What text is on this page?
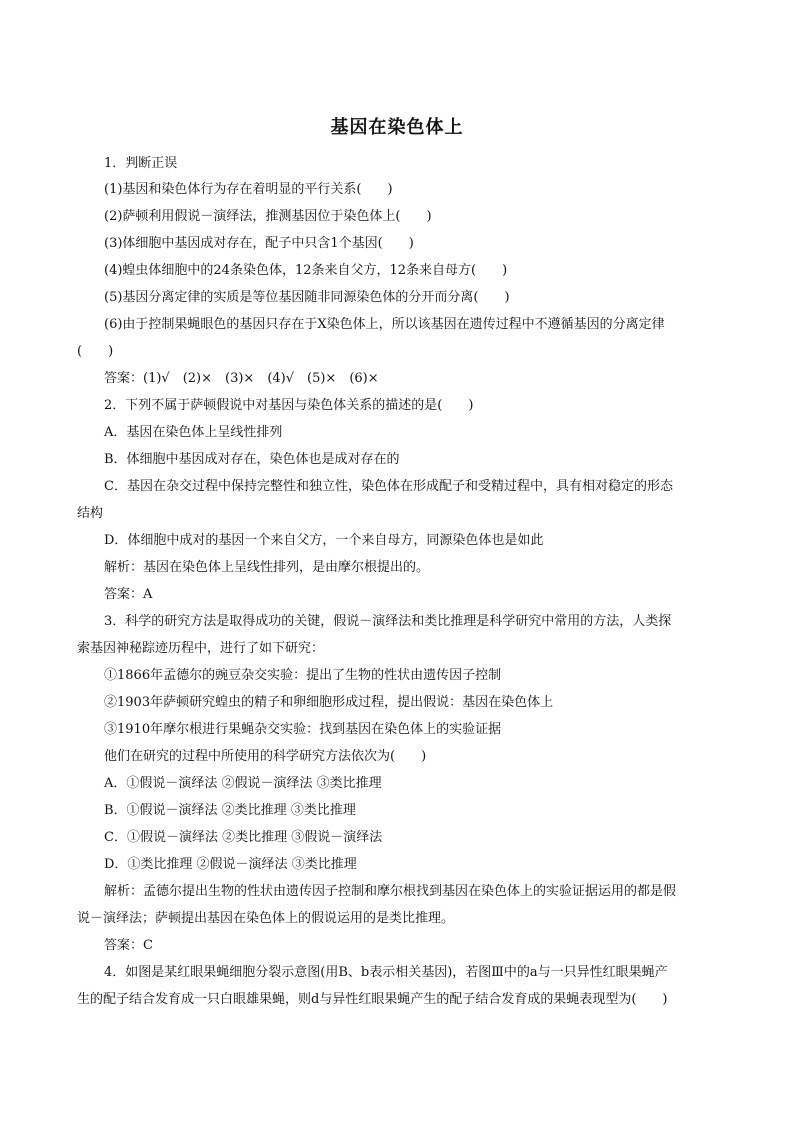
基因在染色体上
1．判断正误
(1)基因和染色体行为存在着明显的平行关系(　　)
(2)萨顿利用假说－演绎法，推测基因位于染色体上(　　)
(3)体细胞中基因成对存在，配子中只含1个基因(　　)
(4)蝗虫体细胞中的24条染色体，12条来自父方，12条来自母方(　　)
(5)基因分离定律的实质是等位基因随非同源染色体的分开而分离(　　)
(6)由于控制果蝇眼色的基因只存在于X染色体上，所以该基因在遗传过程中不遵循基因的分离定律
(　　)
答案：(1)√　(2)×　(3)×　(4)√　(5)×　(6)×
2．下列不属于萨顿假说中对基因与染色体关系的描述的是(　　)
A．基因在染色体上呈线性排列
B．体细胞中基因成对存在，染色体也是成对存在的
C．基因在杂交过程中保持完整性和独立性，染色体在形成配子和受精过程中，具有相对稳定的形态
结构
D．体细胞中成对的基因一个来自父方，一个来自母方，同源染色体也是如此
解析：基因在染色体上呈线性排列，是由摩尔根提出的。
答案：A
3．科学的研究方法是取得成功的关键，假说－演绎法和类比推理是科学研究中常用的方法，人类探
索基因神秘踪迹历程中，进行了如下研究：
①1866年孟德尔的豌豆杂交实验：提出了生物的性状由遗传因子控制
②1903年萨顿研究蝗虫的精子和卵细胞形成过程，提出假说：基因在染色体上
③1910年摩尔根进行果蝇杂交实验：找到基因在染色体上的实验证据
他们在研究的过程中所使用的科学研究方法依次为(　　)
A．①假说－演绎法 ②假说－演绎法 ③类比推理
B．①假说－演绎法 ②类比推理 ③类比推理
C．①假说－演绎法 ②类比推理 ③假说－演绎法
D．①类比推理 ②假说－演绎法 ③类比推理
解析：孟德尔提出生物的性状由遗传因子控制和摩尔根找到基因在染色体上的实验证据运用的都是假
说－演绎法；萨顿提出基因在染色体上的假说运用的是类比推理。
答案：C
4．如图是某红眼果蝇细胞分裂示意图(用B、b表示相关基因)，若图Ⅲ中的a与一只异性红眼果蝇产
生的配子结合发育成一只白眼雄果蝇，则d与异性红眼果蝇产生的配子结合发育成的果蝇表现型为(　　)
